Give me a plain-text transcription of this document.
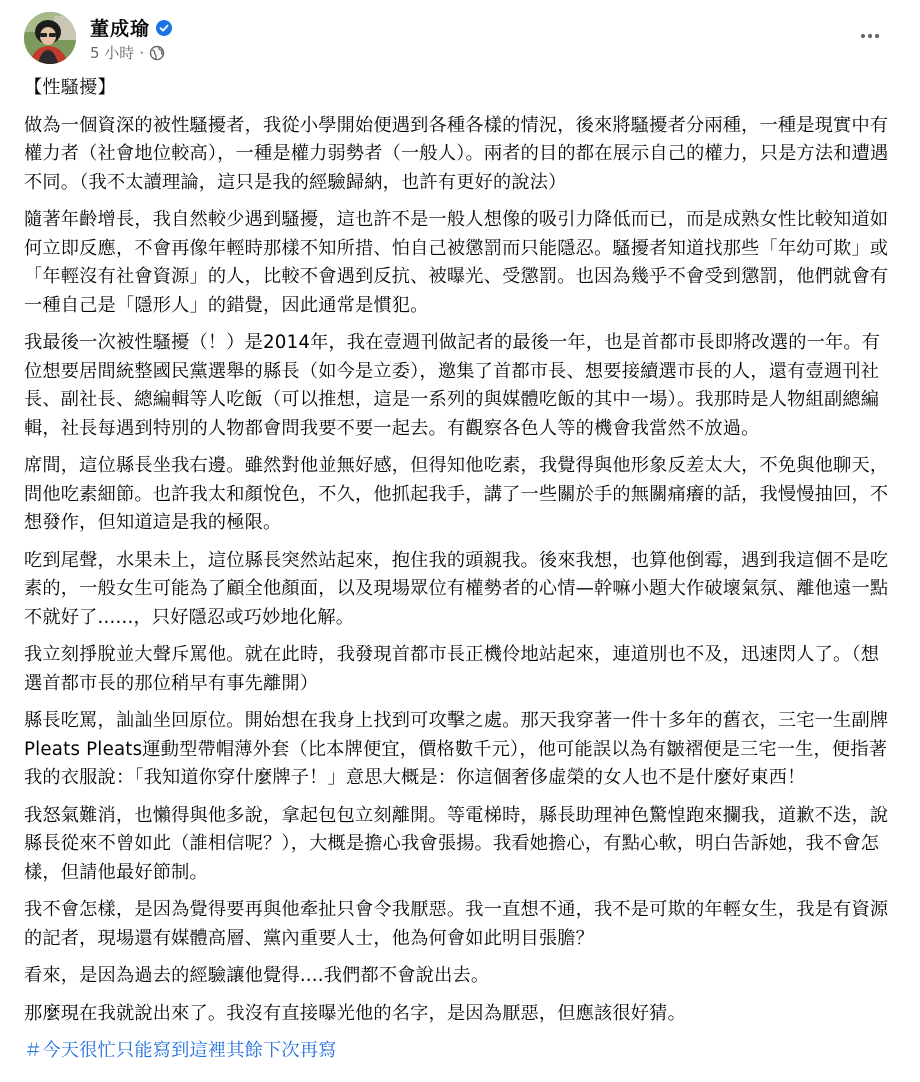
董成瑜
5 小時 ·

【性騷擾】

做為一個資深的被性騷擾者，我從小學開始便遇到各種各樣的情況，後來將騷擾者分兩種，一種是現實中有權力者（社會地位較高），一種是權力弱勢者（一般人）。兩者的目的都在展示自己的權力，只是方法和遭遇不同。（我不太讀理論，這只是我的經驗歸納，也許有更好的說法）

隨著年齡增長，我自然較少遇到騷擾，這也許不是一般人想像的吸引力降低而已，而是成熟女性比較知道如何立即反應，不會再像年輕時那樣不知所措、怕自己被懲罰而只能隱忍。騷擾者知道找那些「年幼可欺」或「年輕沒有社會資源」的人，比較不會遇到反抗、被曝光、受懲罰。也因為幾乎不會受到懲罰，他們就會有一種自己是「隱形人」的錯覺，因此通常是慣犯。

我最後一次被性騷擾（！）是2014年，我在壹週刊做記者的最後一年，也是首都市長即將改選的一年。有位想要居間統整國民黨選舉的縣長（如今是立委），邀集了首都市長、想要接續選市長的人，還有壹週刊社長、副社長、總編輯等人吃飯（可以推想，這是一系列的與媒體吃飯的其中一場）。我那時是人物組副總編輯，社長每遇到特別的人物都會問我要不要一起去。有觀察各色人等的機會我當然不放過。

席間，這位縣長坐我右邊。雖然對他並無好感，但得知他吃素，我覺得與他形象反差太大，不免與他聊天，問他吃素細節。也許我太和顏悅色，不久，他抓起我手，講了一些關於手的無關痛癢的話，我慢慢抽回，不想發作，但知道這是我的極限。

吃到尾聲，水果未上，這位縣長突然站起來，抱住我的頭親我。後來我想，也算他倒霉，遇到我這個不是吃素的，一般女生可能為了顧全他顏面，以及現場眾位有權勢者的心情—幹嘛小題大作破壞氣氛、離他遠一點不就好了......，只好隱忍或巧妙地化解。

我立刻掙脫並大聲斥罵他。就在此時，我發現首都市長正機伶地站起來，連道別也不及，迅速閃人了。（想選首都市長的那位稍早有事先離開）

縣長吃罵，訕訕坐回原位。開始想在我身上找到可攻擊之處。那天我穿著一件十多年的舊衣，三宅一生副牌Pleats Pleats運動型帶帽薄外套（比本牌便宜，價格數千元），他可能誤以為有皺褶便是三宅一生，便指著我的衣服說：「我知道你穿什麼牌子！」意思大概是：你這個奢侈虛榮的女人也不是什麼好東西！

我怒氣難消，也懶得與他多說，拿起包包立刻離開。等電梯時，縣長助理神色驚惶跑來攔我，道歉不迭，說縣長從來不曾如此（誰相信呢？），大概是擔心我會張揚。我看她擔心，有點心軟，明白告訴她，我不會怎樣，但請他最好節制。

我不會怎樣，是因為覺得要再與他牽扯只會令我厭惡。我一直想不通，我不是可欺的年輕女生，我是有資源的記者，現場還有媒體高層、黨內重要人士，他為何會如此明目張膽？

看來，是因為過去的經驗讓他覺得....我們都不會說出去。

那麼現在我就說出來了。我沒有直接曝光他的名字，是因為厭惡，但應該很好猜。

＃今天很忙只能寫到這裡其餘下次再寫
